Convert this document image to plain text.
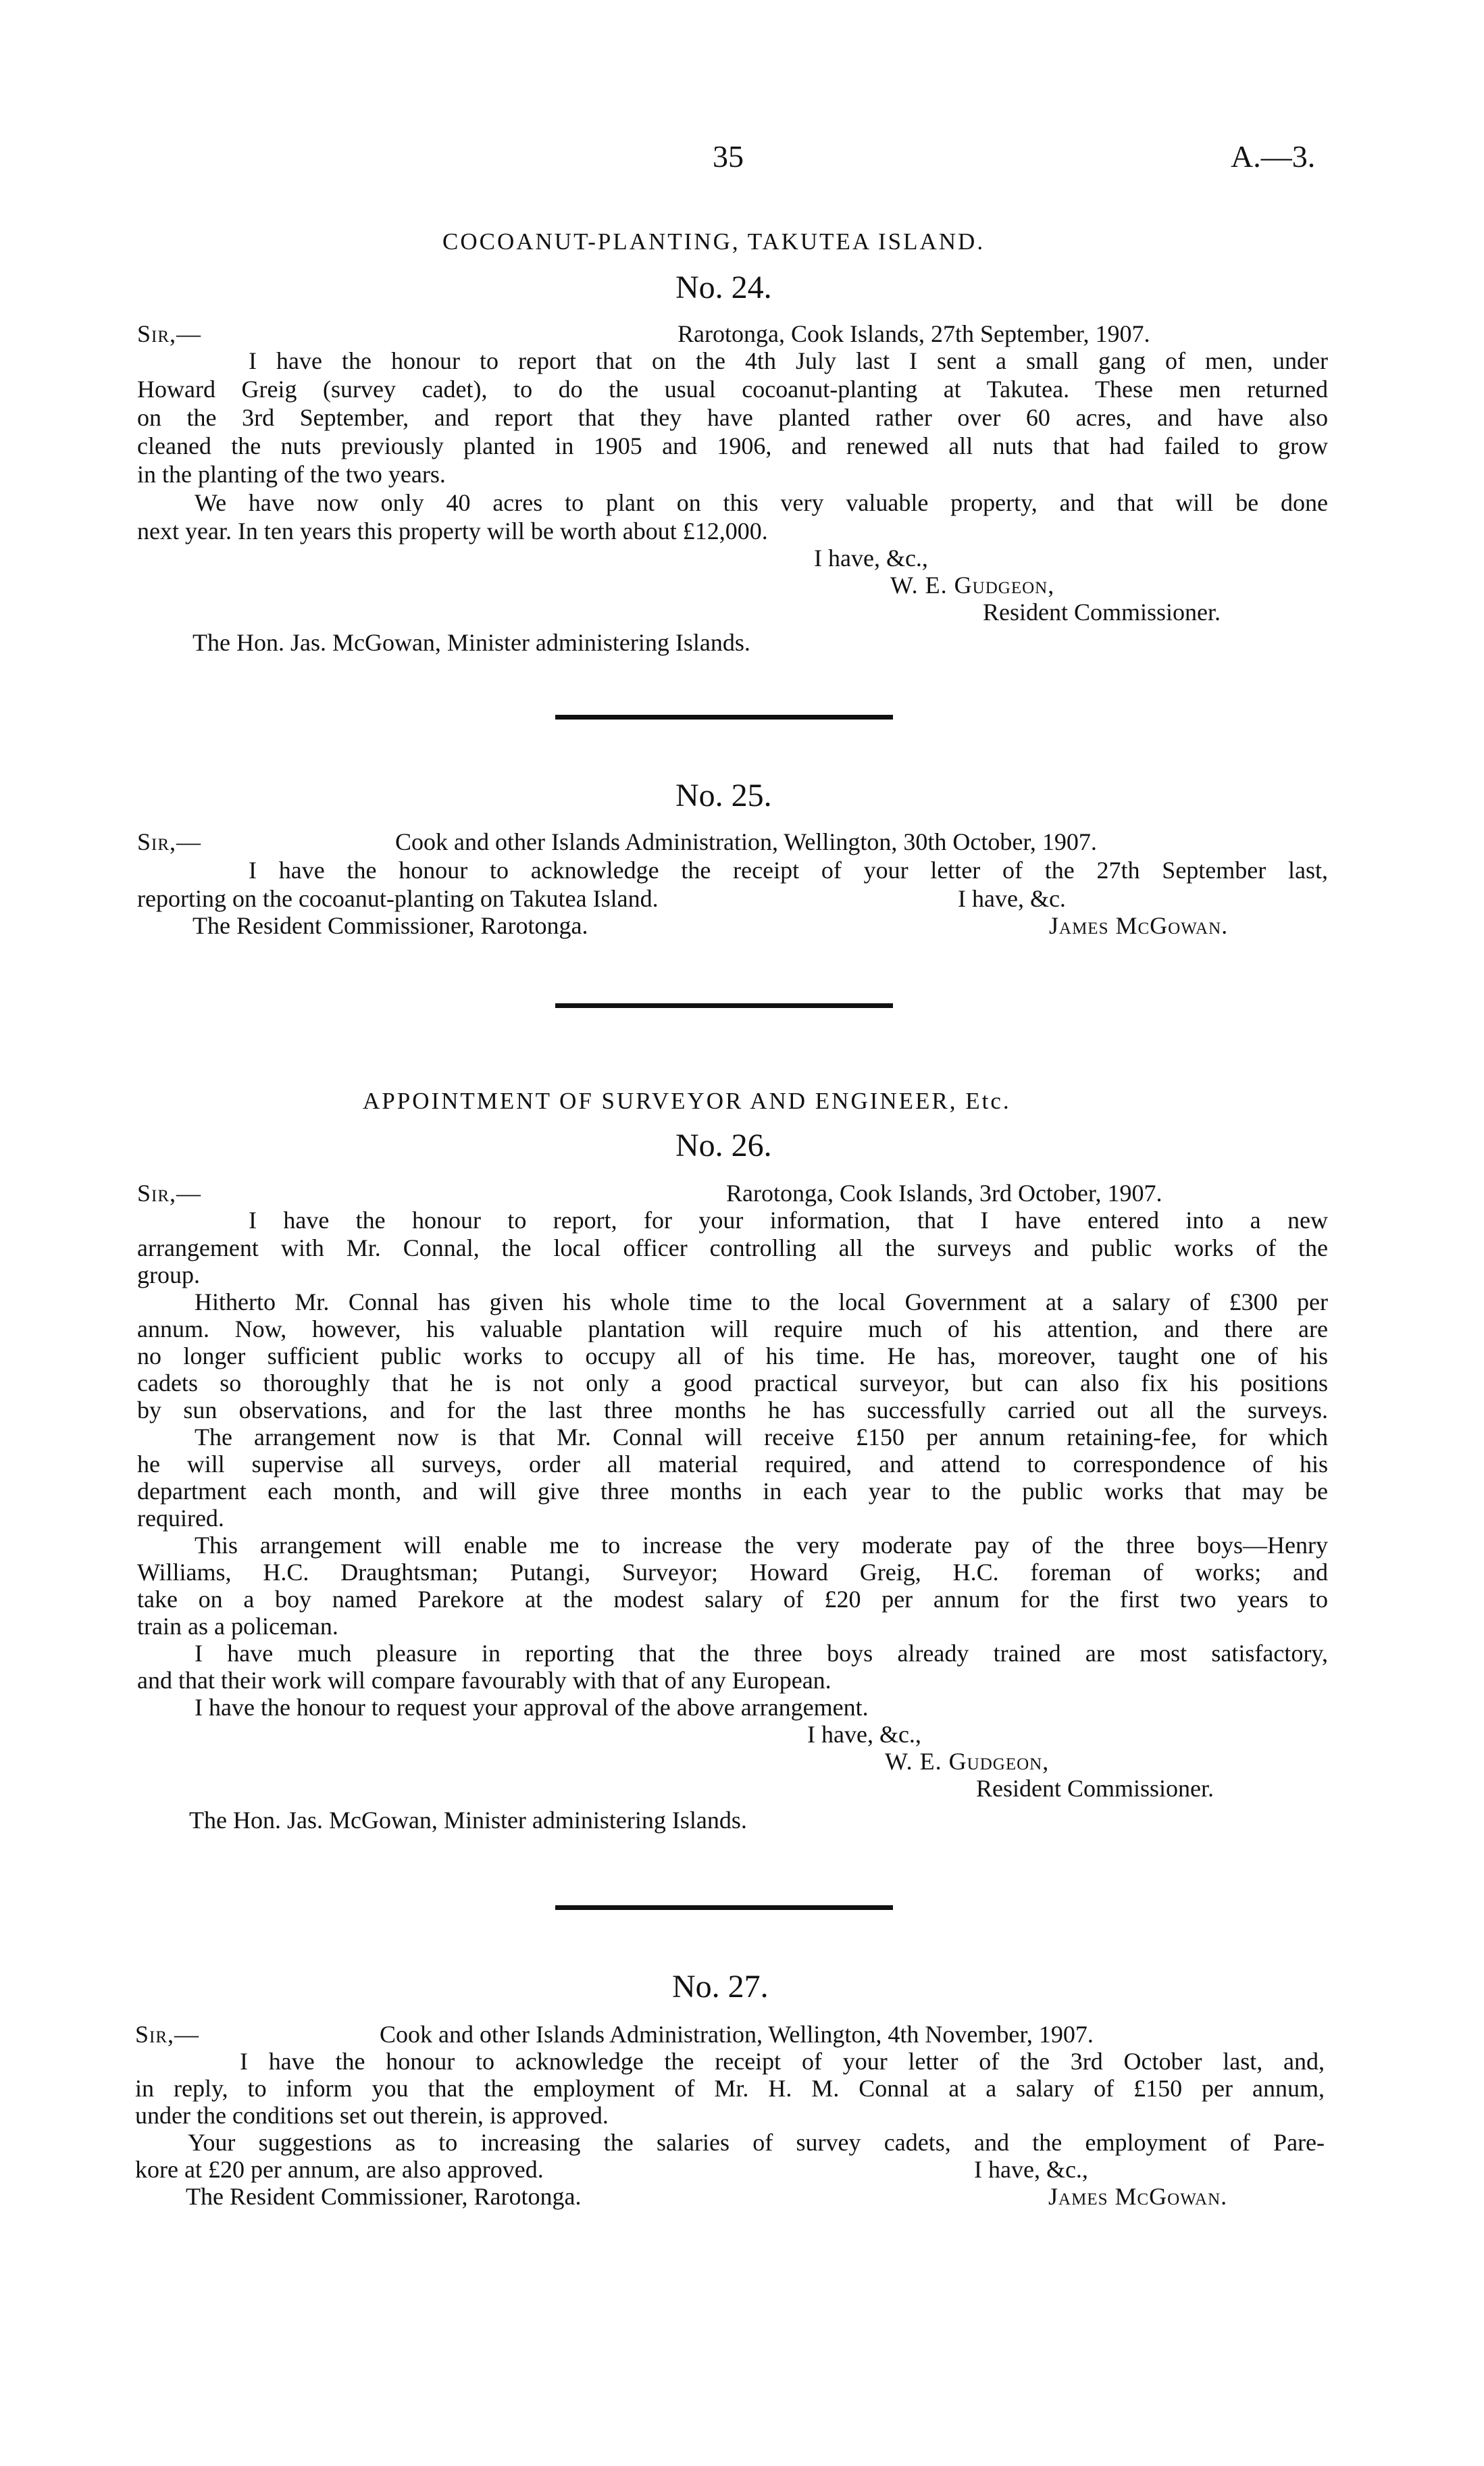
35	A.—3.
COCOANUT-PLANTING, TAKUTEA ISLAND.
No. 24.
Sir,—	Rarotonga, Cook Islands, 27th September, 1907.
I have the honour to report that on the 4th July last I sent a small gang of men, under
Howard Greig (survey cadet), to do the usual cocoanut-planting at Takutea. These men returned
on the 3rd September, and report that they have planted rather over 60 acres, and have also
cleaned the nuts previously planted in 1905 and 1906, and renewed all nuts that had failed to grow
in the planting of the two years.
We have now only 40 acres to plant on this very valuable property, and that will be done
next year. In ten years this property will be worth about £12,000.
I have, &c.,
W. E. Gudgeon,
Resident Commissioner.
The Hon. Jas. McGowan, Minister administering Islands.
No. 25.
Sir,—	Cook and other Islands Administration, Wellington, 30th October, 1907.
I have the honour to acknowledge the receipt of your letter of the 27th September last,
reporting on the cocoanut-planting on Takutea Island.	I have, &c.
The Resident Commissioner, Rarotonga.	James McGowan.
APPOINTMENT OF SURVEYOR AND ENGINEER, Etc.
No. 26.
Sir,—	Rarotonga, Cook Islands, 3rd October, 1907.
I have the honour to report, for your information, that I have entered into a new
arrangement with Mr. Connal, the local officer controlling all the surveys and public works of the
group.
Hitherto Mr. Connal has given his whole time to the local Government at a salary of £300 per
annum. Now, however, his valuable plantation will require much of his attention, and there are
no longer sufficient public works to occupy all of his time. He has, moreover, taught one of his
cadets so thoroughly that he is not only a good practical surveyor, but can also fix his positions
by sun observations, and for the last three months he has successfully carried out all the surveys.
The arrangement now is that Mr. Connal will receive £150 per annum retaining-fee, for which
he will supervise all surveys, order all material required, and attend to correspondence of his
department each month, and will give three months in each year to the public works that may be
required.
This arrangement will enable me to increase the very moderate pay of the three boys—Henry
Williams, H.C. Draughtsman; Putangi, Surveyor; Howard Greig, H.C. foreman of works; and
take on a boy named Parekore at the modest salary of £20 per annum for the first two years to
train as a policeman.
I have much pleasure in reporting that the three boys already trained are most satisfactory,
and that their work will compare favourably with that of any European.
I have the honour to request your approval of the above arrangement.
I have, &c.,
W. E. Gudgeon,
Resident Commissioner.
The Hon. Jas. McGowan, Minister administering Islands.
No. 27.
Sir,—	Cook and other Islands Administration, Wellington, 4th November, 1907.
I have the honour to acknowledge the receipt of your letter of the 3rd October last, and,
in reply, to inform you that the employment of Mr. H. M. Connal at a salary of £150 per annum,
under the conditions set out therein, is approved.
Your suggestions as to increasing the salaries of survey cadets, and the employment of Pare-
kore at £20 per annum, are also approved.	I have, &c.,
The Resident Commissioner, Rarotonga.	James McGowan.
